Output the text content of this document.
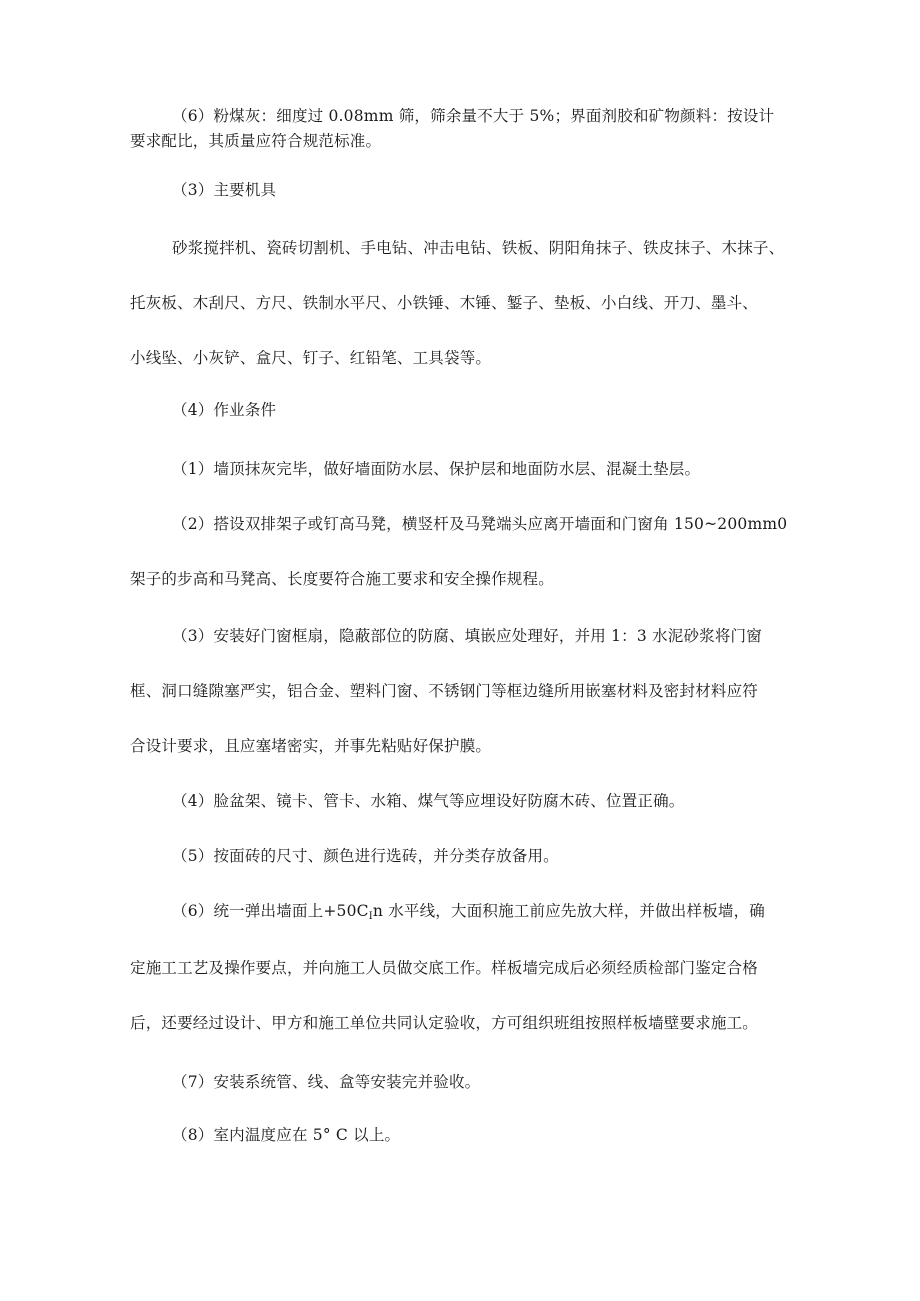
（6）粉煤灰：细度过 0.08mm 筛，筛余量不大于 5%；界面剂胶和矿物颜料：按设计
要求配比，其质量应符合规范标准。
（3）主要机具
砂浆搅拌机、瓷砖切割机、手电钻、冲击电钻、铁板、阴阳角抹子、铁皮抹子、木抹子、
托灰板、木刮尺、方尺、铁制水平尺、小铁锤、木锤、錾子、垫板、小白线、开刀、墨斗、
小线坠、小灰铲、盒尺、钉子、红铅笔、工具袋等。
（4）作业条件
（1）墙顶抹灰完毕，做好墙面防水层、保护层和地面防水层、混凝土垫层。
（2）搭设双排架子或钉高马凳，横竖杆及马凳端头应离开墙面和门窗角 150~200mm0
架子的步高和马凳高、长度要符合施工要求和安全操作规程。
（3）安装好门窗框扇，隐蔽部位的防腐、填嵌应处理好，并用 1：3 水泥砂浆将门窗
框、洞口缝隙塞严实，铝合金、塑料门窗、不锈钢门等框边缝所用嵌塞材料及密封材料应符
合设计要求，且应塞堵密实，并事先粘贴好保护膜。
（4）脸盆架、镜卡、管卡、水箱、煤气等应埋设好防腐木砖、位置正确。
（5）按面砖的尺寸、颜色进行选砖，并分类存放备用。
（6）统一弹出墙面上$+50C_In$ 水平线，大面积施工前应先放大样，并做出样板墙，确
定施工工艺及操作要点，并向施工人员做交底工作。样板墙完成后必须经质检部门鉴定合格
后，还要经过设计、甲方和施工单位共同认定验收，方可组织班组按照样板墙壁要求施工。
（7）安装系统管、线、盒等安装完并验收。
（8）室内温度应在 5° C 以上。
